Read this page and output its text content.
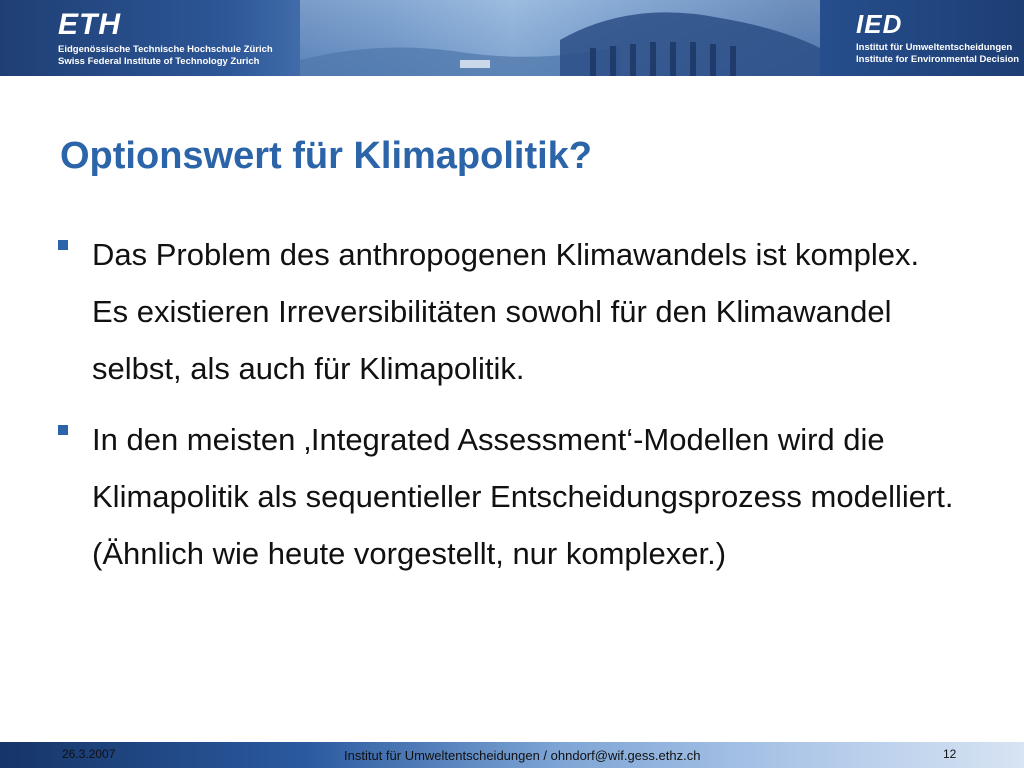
ETH
Eidgenössische Technische Hochschule Zürich
Swiss Federal Institute of Technology Zurich
IED
Institut für Umweltentscheidungen
Institute for Environmental Decision
Optionswert für Klimapolitik?
Das Problem des anthropogenen Klimawandels ist komplex. Es existieren Irreversibilitäten sowohl für den Klimawandel selbst, als auch für Klimapolitik.
In den meisten ‚Integrated Assessment‘-Modellen wird die Klimapolitik als sequentieller Entscheidungsprozess modelliert. (Ähnlich wie heute vorgestellt, nur komplexer.)
26.3.2007	Institut für Umweltentscheidungen / ohndorf@wif.gess.ethz.ch	12
